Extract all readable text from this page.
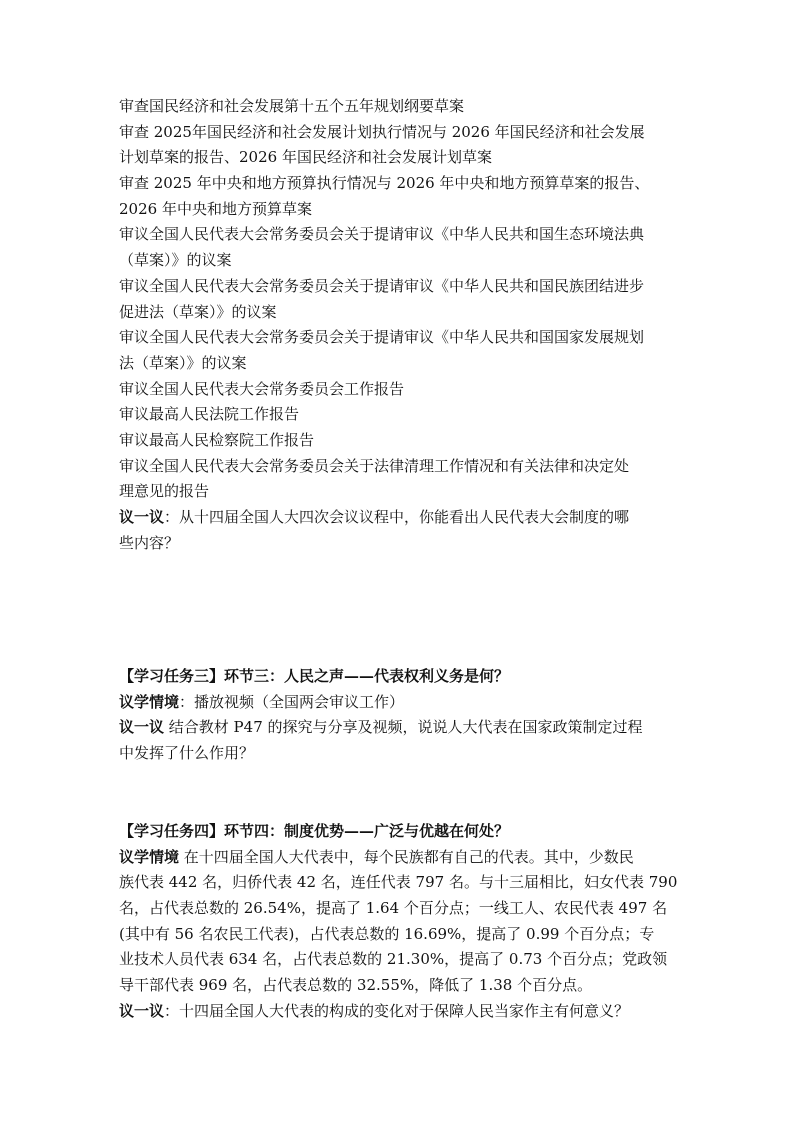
审查国民经济和社会发展第十五个五年规划纲要草案
审查 2025年国民经济和社会发展计划执行情况与 2026 年国民经济和社会发展
计划草案的报告、2026 年国民经济和社会发展计划草案
审查 2025 年中央和地方预算执行情况与 2026 年中央和地方预算草案的报告、
2026 年中央和地方预算草案
审议全国人民代表大会常务委员会关于提请审议《中华人民共和国生态环境法典
（草案）》的议案
审议全国人民代表大会常务委员会关于提请审议《中华人民共和国民族团结进步
促进法（草案）》的议案
审议全国人民代表大会常务委员会关于提请审议《中华人民共和国国家发展规划
法（草案）》的议案
审议全国人民代表大会常务委员会工作报告
审议最高人民法院工作报告
审议最高人民检察院工作报告
审议全国人民代表大会常务委员会关于法律清理工作情况和有关法律和决定处
理意见的报告
议一议：从十四届全国人大四次会议议程中，你能看出人民代表大会制度的哪
些内容？
【学习任务三】环节三：人民之声——代表权利义务是何？
议学情境：播放视频（全国两会审议工作）
议一议 结合教材 P47 的探究与分享及视频，说说人大代表在国家政策制定过程
中发挥了什么作用？
【学习任务四】环节四：制度优势——广泛与优越在何处？
议学情境 在十四届全国人大代表中，每个民族都有自己的代表。其中，少数民
族代表 442 名，归侨代表 42 名，连任代表 797 名。与十三届相比，妇女代表 790
名，占代表总数的 26.54%，提高了 1.64 个百分点；一线工人、农民代表 497 名
(其中有 56 名农民工代表)，占代表总数的 16.69%，提高了 0.99 个百分点；专
业技术人员代表 634 名，占代表总数的 21.30%，提高了 0.73 个百分点；党政领
导干部代表 969 名，占代表总数的 32.55%，降低了 1.38 个百分点。
议一议：十四届全国人大代表的构成的变化对于保障人民当家作主有何意义？
